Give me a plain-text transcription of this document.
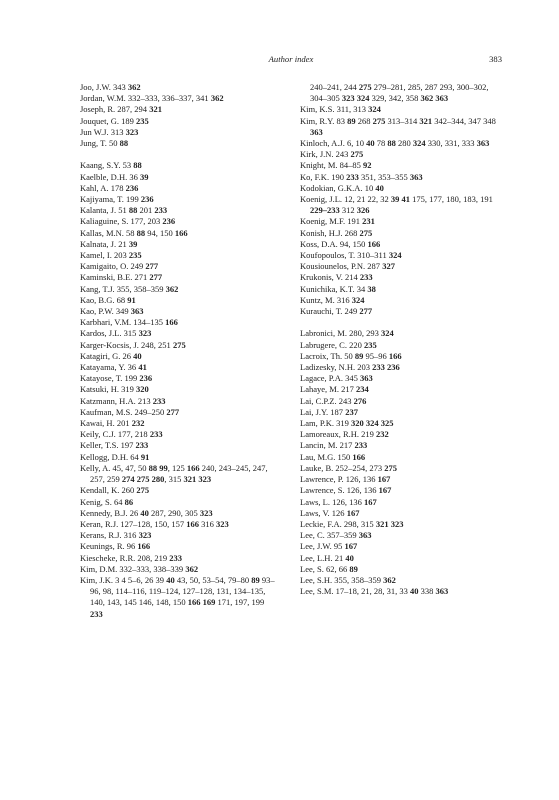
Author index	383
Joo, J.W. 343 362
Jordan, W.M. 332–333, 336–337, 341 362
Joseph, R. 287, 294 321
Jouquet, G. 189 235
Jun W.J. 313 323
Jung, T. 50 88
Kaang, S.Y. 53 88
Kaelble, D.H. 36 39
Kahl, A. 178 236
Kajiyama, T. 199 236
Kalanta, J. 51 88 201 233
Kaliaguine, S. 177, 203 236
Kallas, M.N. 58 88 94, 150 166
Kalnata, J. 21 39
Kamel, I. 203 235
Kamigaito, O. 249 277
Kaminski, B.E. 271 277
Kang, T.J. 355, 358–359 362
Kao, B.G. 68 91
Kao, P.W. 349 363
Karbhari, V.M. 134–135 166
Kardos, J.L. 315 323
Karger-Kocsis, J. 248, 251 275
Katagiri, G. 26 40
Katayama, Y. 36 41
Katayose, T. 199 236
Katsuki, H. 319 320
Katzmann, H.A. 213 233
Kaufman, M.S. 249–250 277
Kawai, H. 201 232
Keily, C.J. 177, 218 233
Keller, T.S. 197 233
Kellogg, D.H. 64 91
Kelly, A. 45, 47, 50 88 99, 125 166 240, 243–245, 247, 257, 259 274 275 280, 315 321 323
Kendall, K. 260 275
Kenig, S. 64 86
Kennedy, B.J. 26 40 287, 290, 305 323
Keran, R.J. 127–128, 150, 157 166 316 323
Kerans, R.J. 316 323
Keunings, R. 96 166
Kiescheke, R.R. 208, 219 233
Kim, D.M. 332–333, 338–339 362
Kim, J.K. 3 4 5–6, 26 39 40 43, 50, 53–54, 79–80 89 93–96, 98, 114–116, 119–124, 127–128, 131, 134–135, 140, 143, 145 146, 148, 150 166 169 171, 197, 199 233
240–241, 244 275 279–281, 285, 287 293, 300–302, 304–305 323 324 329, 342, 358 362 363
Kim, K.S. 311, 313 324
Kim, R.Y. 83 89 268 275 313–314 321 342–344, 347 348 363
Kinloch, A.J. 6, 10 40 78 88 280 324 330, 331, 333 363
Kirk, J.N. 243 275
Knight, M. 84–85 92
Ko, F.K. 190 233 351, 353–355 363
Kodokian, G.K.A. 10 40
Koenig, J.L. 12, 21 22, 32 39 41 175, 177, 180, 183, 191 229–233 312 326
Koenig, M.F. 191 231
Konish, H.J. 268 275
Koss, D.A. 94, 150 166
Koufopoulos, T. 310–311 324
Kousiounelos, P.N. 287 327
Krukonis, V. 214 233
Kunichika, K.T. 34 38
Kuntz, M. 316 324
Kurauchi, T. 249 277
Labronici, M. 280, 293 324
Labrugere, C. 220 235
Lacroix, Th. 50 89 95–96 166
Ladizesky, N.H. 203 233 236
Lagace, P.A. 345 363
Lahaye, M. 217 234
Lai, C.P.Z. 243 276
Lai, J.Y. 187 237
Lam, P.K. 319 320 324 325
Lamoreaux, R.H. 219 232
Lancin, M. 217 233
Lau, M.G. 150 166
Lauke, B. 252–254, 273 275
Lawrence, P. 126, 136 167
Lawrence, S. 126, 136 167
Laws, L. 126, 136 167
Laws, V. 126 167
Leckie, F.A. 298, 315 321 323
Lee, C. 357–359 363
Lee, J.W. 95 167
Lee, L.H. 21 40
Lee, S. 62, 66 89
Lee, S.H. 355, 358–359 362
Lee, S.M. 17–18, 21, 28, 31, 33 40 338 363
